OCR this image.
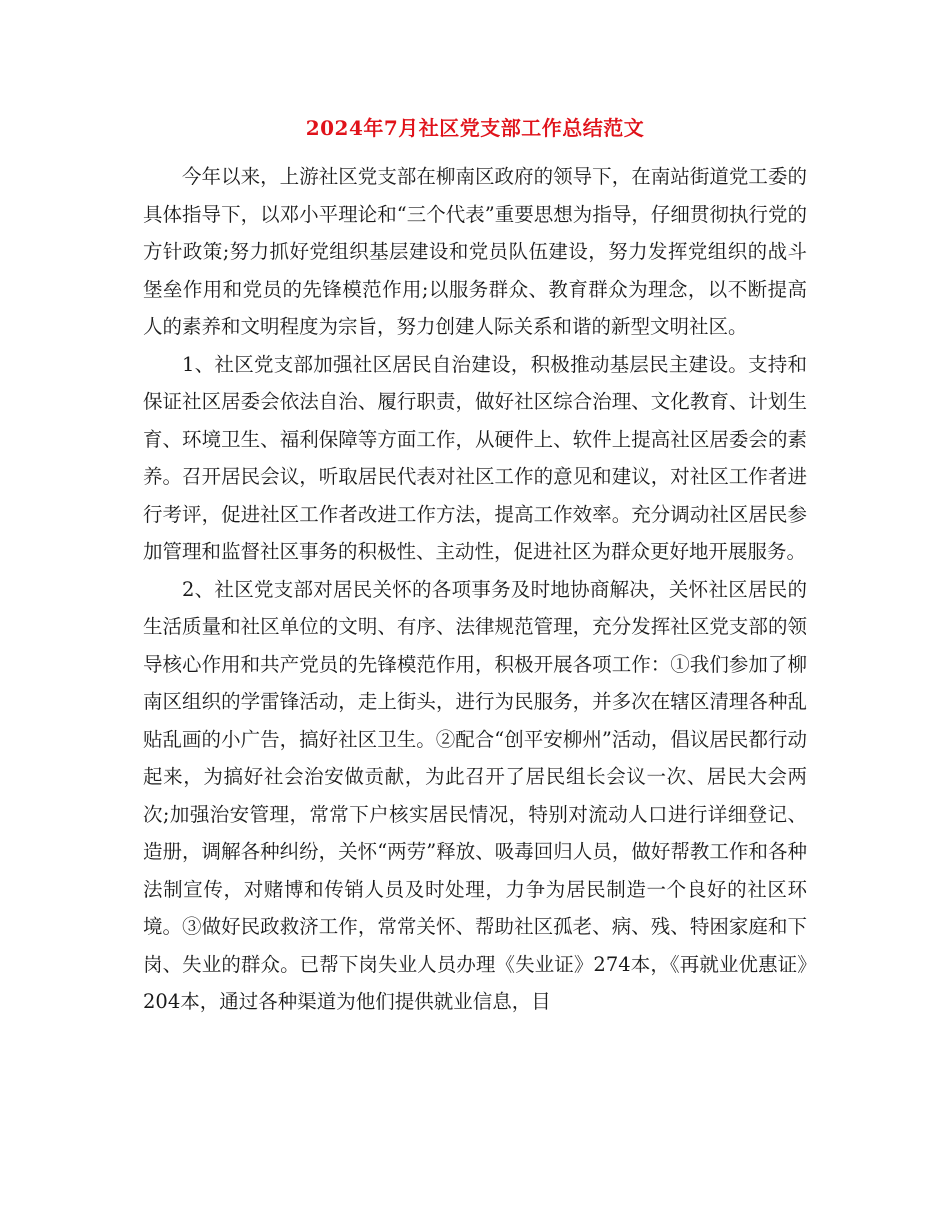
2024年7月社区党支部工作总结范文

今年以来，上游社区党支部在柳南区政府的领导下，在南站街道党工委的具体指导下，以邓小平理论和“三个代表”重要思想为指导，仔细贯彻执行党的方针政策;努力抓好党组织基层建设和党员队伍建设，努力发挥党组织的战斗堡垒作用和党员的先锋模范作用;以服务群众、教育群众为理念，以不断提高人的素养和文明程度为宗旨，努力创建人际关系和谐的新型文明社区。

1、社区党支部加强社区居民自治建设，积极推动基层民主建设。支持和保证社区居委会依法自治、履行职责，做好社区综合治理、文化教育、计划生育、环境卫生、福利保障等方面工作，从硬件上、软件上提高社区居委会的素养。召开居民会议，听取居民代表对社区工作的意见和建议，对社区工作者进行考评，促进社区工作者改进工作方法，提高工作效率。充分调动社区居民参加管理和监督社区事务的积极性、主动性，促进社区为群众更好地开展服务。

2、社区党支部对居民关怀的各项事务及时地协商解决，关怀社区居民的生活质量和社区单位的文明、有序、法律规范管理，充分发挥社区党支部的领导核心作用和共产党员的先锋模范作用，积极开展各项工作：①我们参加了柳南区组织的学雷锋活动，走上街头，进行为民服务，并多次在辖区清理各种乱贴乱画的小广告，搞好社区卫生。②配合“创平安柳州”活动，倡议居民都行动起来，为搞好社会治安做贡献，为此召开了居民组长会议一次、居民大会两次;加强治安管理，常常下户核实居民情况，特别对流动人口进行详细登记、造册，调解各种纠纷，关怀“两劳”释放、吸毒回归人员，做好帮教工作和各种法制宣传，对赌博和传销人员及时处理，力争为居民制造一个良好的社区环境。③做好民政救济工作，常常关怀、帮助社区孤老、病、残、特困家庭和下岗、失业的群众。已帮下岗失业人员办理《失业证》274本，《再就业优惠证》204本，通过各种渠道为他们提供就业信息，目
